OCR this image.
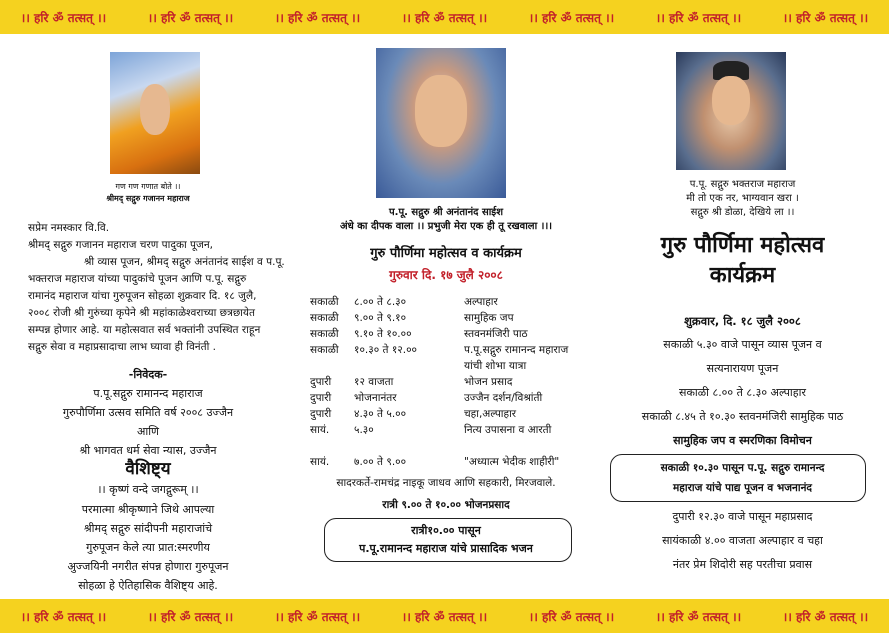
।। हरि ॐ तत्सत् ।।	।। हरि ॐ तत्सत् ।।	।। हरि ॐ तत्सत् ।।	।। हरि ॐ तत्सत् ।।	।। हरि ॐ तत्सत् ।।	।। हरि ॐ तत्सत् ।।	।। हरि ॐ तत्सत् ।।
गण गण गणात बोते ।।
श्रीमद् सद्गुरु गजानन महाराज

सप्रेम नमस्कार वि.वि.

श्रीमद् सद्गुरु गजानन महाराज चरण पादुका पूजन,

श्री व्यास पूजन, श्रीमद् सद्गुरु अनंतानंद साईश व प.पू.

भक्तराज महाराज यांच्या पादुकांचे पूजन आणि प.पू. सद्गुरु

रामानंद महाराज यांचा गुरुपूजन सोहळा शुक्रवार दि. १८ जुलै,

२००८ रोजी श्री गुरुंच्या कृपेने श्री महांकाळेश्वराच्या छत्रछायेत

सम्पन्न होणार आहे. या महोत्सवात सर्व भक्तांनी उपस्थित राहून

सद्गुरु सेवा व महाप्रसादाचा लाभ घ्यावा ही विनंती .

-निवेदक-
प.पू.सद्गुरु रामानन्द महाराज
गुरुपौर्णिमा उत्सव समिति वर्ष २००८ उज्जैन
आणि
श्री भागवत धर्म सेवा न्यास, उज्जैन
वैशिष्ट्य
।। कृष्णं वन्दे जगद्गुरूम् ।।
परमात्मा श्रीकृष्णाने जिथे आपल्या
श्रीमद् सद्गुरु सांदीपनी महाराजांचे
गुरुपूजन केले त्या प्रात:स्मरणीय
अुज्जयिनी नगरीत संपन्न होणारा गुरुपूजन
सोहळा हे ऐतिहासिक वैशिष्ट्य आहे.
प.पू. सद्गुरु श्री अनंतानंद साईश
अंधे का दीपक वाला ।। प्रभुजी मेरा एक ही तू रखवाला ।।।
गुरु पौर्णिमा महोत्सव व कार्यक्रम
गुरुवार दि. १७ जुलै २००८
सकाळी	८.०० ते ८.३०	अल्पाहार
सकाळी	९.०० ते ९.१०	सामुहिक जप
सकाळी	९.१० ते १०.००	स्तवनमंजिरी पाठ
सकाळी	१०.३० ते १२.००	प.पू.सद्गुरु रामानन्द महाराज
यांची शोभा यात्रा
दुपारी	१२ वाजता	भोजन प्रसाद
दुपारी	भोजनानंतर	उज्जैन दर्शन/विश्रांती
दुपारी	४.३० ते ५.००	चहा,अल्पाहार
सायं.	५.३०	नित्य उपासना व आरती
सायं.	७.०० ते ९.००	"अध्यात्म भेदीक शाहीरी"
सादरकर्ते-रामचंद्र नाइकू जाधव आणि सहकारी, मिरजवाले.
रात्री ९.०० ते १०.०० भोजनप्रसाद
रात्री१०.०० पासून
प.पू.रामानन्द महाराज यांचे प्रासादिक भजन
प.पू. सद्गुरु भक्तराज महाराज
मी तो एक नर, भाग्यवान खरा ।
सद्गुरु श्री डोळा, देखिये ला ।।
गुरु पौर्णिमा महोत्सव
कार्यक्रम
शुक्रवार, दि. १८ जुलै २००८
सकाळी ५.३० वाजे पासून व्यास पूजन व
सत्यनारायण पूजन
सकाळी ८.०० ते ८.३० अल्पाहार
सकाळी ८.४५ ते १०.३० स्तवनमंजिरी सामुहिक पाठ
सामुहिक जप व स्मरणिका विमोचन
सकाळी १०.३० पासून प.पू. सद्गुरु रामानन्द
महाराज यांचे पाद्य पूजन व भजनानंद
दुपारी १२.३० वाजे पासून महाप्रसाद
सायंकाळी ४.०० वाजता अल्पाहार व चहा
नंतर प्रेम शिदोरी सह परतीचा प्रवास
।। हरि ॐ तत्सत् ।।	।। हरि ॐ तत्सत् ।।	।। हरि ॐ तत्सत् ।।	।। हरि ॐ तत्सत् ।।	।। हरि ॐ तत्सत् ।।	।। हरि ॐ तत्सत् ।।	।। हरि ॐ तत्सत् ।।
